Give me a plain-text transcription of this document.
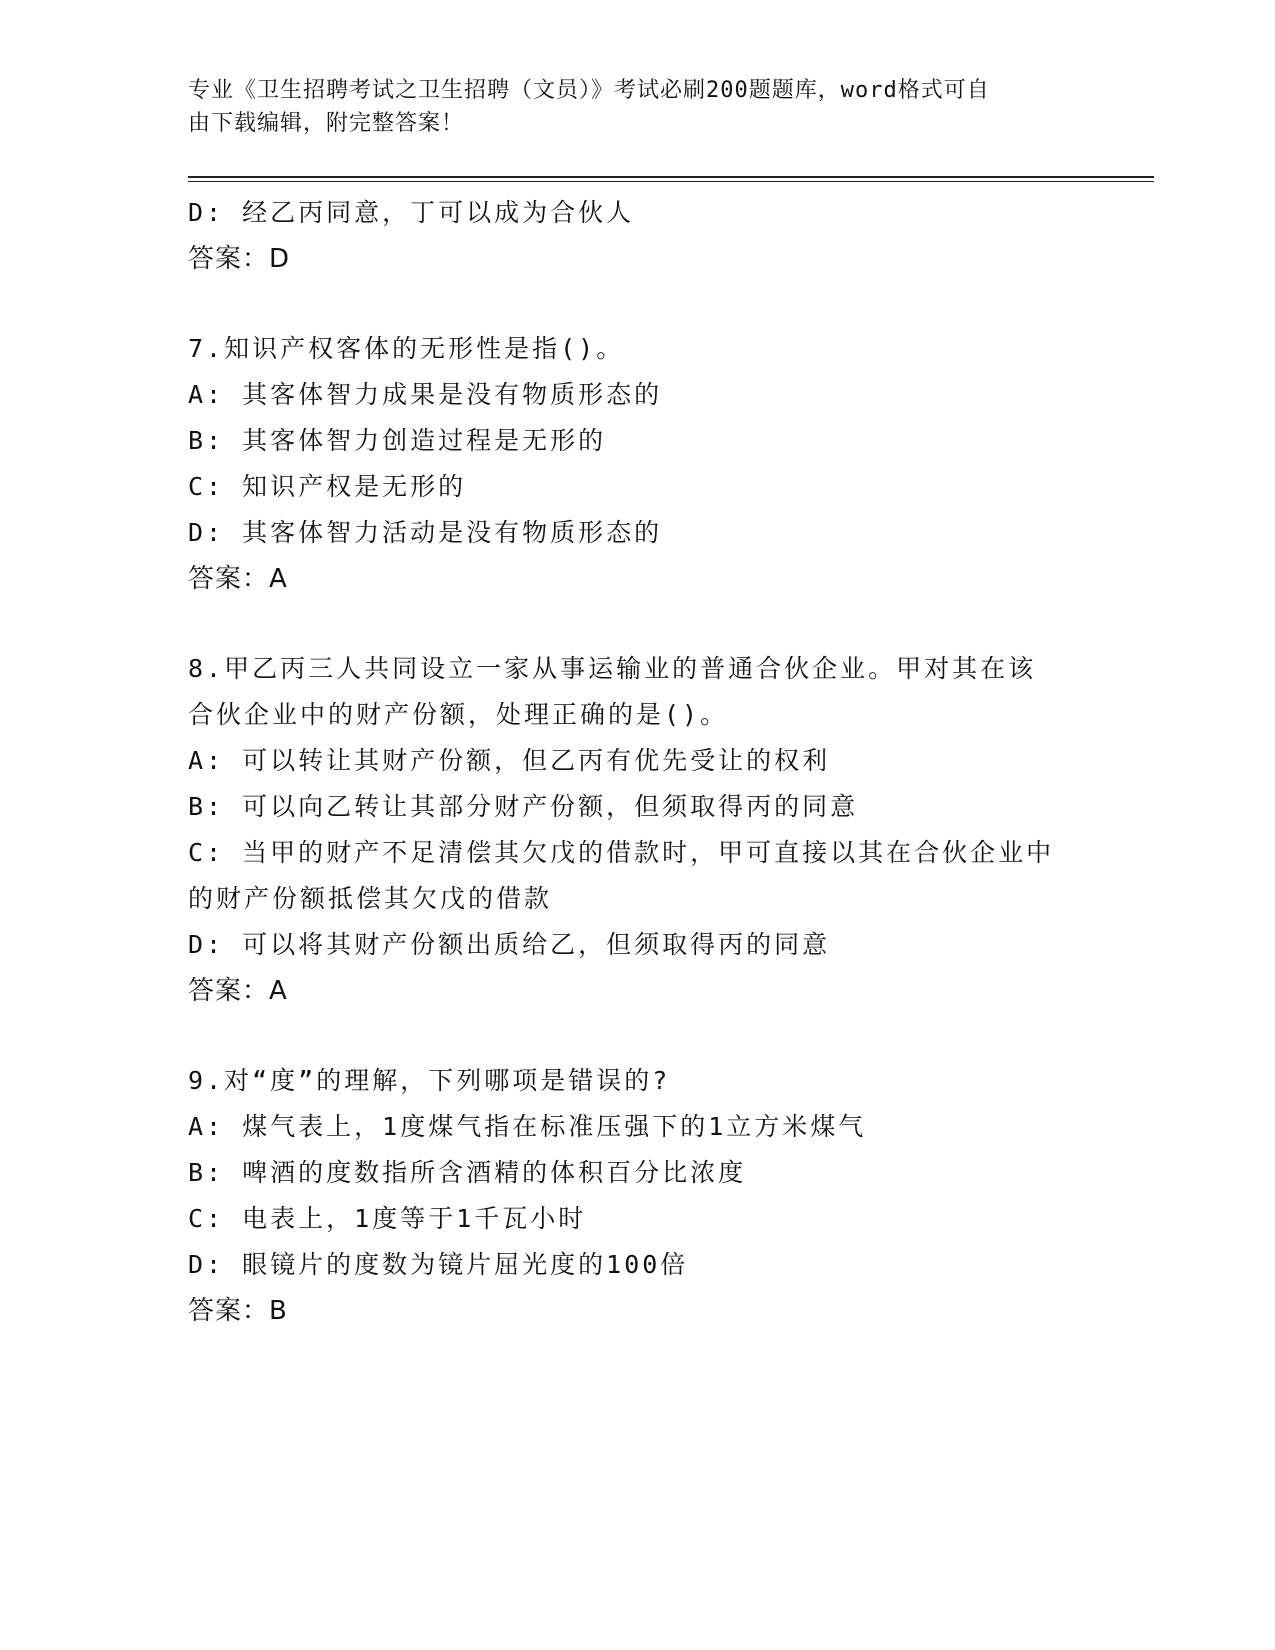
专业《卫生招聘考试之卫生招聘（文员）》考试必刷200题题库，word格式可自
由下载编辑，附完整答案！
D: 经乙丙同意，丁可以成为合伙人
答案：D
7.知识产权客体的无形性是指()。
A: 其客体智力成果是没有物质形态的
B: 其客体智力创造过程是无形的
C: 知识产权是无形的
D: 其客体智力活动是没有物质形态的
答案：A
8.甲乙丙三人共同设立一家从事运输业的普通合伙企业。甲对其在该
合伙企业中的财产份额，处理正确的是()。
A: 可以转让其财产份额，但乙丙有优先受让的权利
B: 可以向乙转让其部分财产份额，但须取得丙的同意
C: 当甲的财产不足清偿其欠戊的借款时，甲可直接以其在合伙企业中
的财产份额抵偿其欠戊的借款
D: 可以将其财产份额出质给乙，但须取得丙的同意
答案：A
9.对“度”的理解，下列哪项是错误的?
A: 煤气表上，1度煤气指在标准压强下的1立方米煤气
B: 啤酒的度数指所含酒精的体积百分比浓度
C: 电表上，1度等于1千瓦小时
D: 眼镜片的度数为镜片屈光度的100倍
答案：B
